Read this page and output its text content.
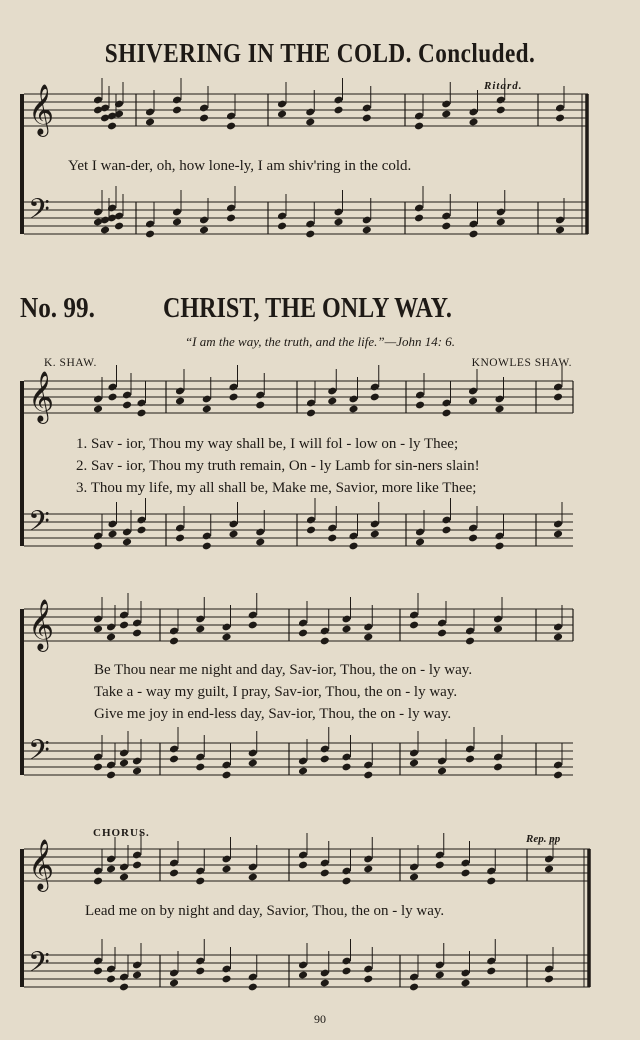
SHIVERING IN THE COLD. Concluded.
No. 99. CHRIST, THE ONLY WAY.
“I am the way, the truth, and the life.”—John 14: 6.
K. SHAW.	KNOWLES SHAW.
Ritard.
CHORUS.	Rep. pp
Yet I wan-der, oh, how lone-ly, I am shiv'ring in the cold.
1. Sav - ior, Thou my way shall be, I will fol - low on - ly Thee;
2. Sav - ior, Thou my truth remain, On - ly Lamb for sin-ners slain!
3. Thou my life, my all shall be, Make me, Savior, more like Thee;
Be Thou near me night and day, Sav-ior, Thou, the on - ly way.
Take a - way my guilt, I pray, Sav-ior, Thou, the on - ly way.
Give me joy in end-less day, Sav-ior, Thou, the on - ly way.
Lead me on by night and day, Savior, Thou, the on - ly way.
90
𝄞
𝄢
𝄞
𝄢
𝄞
𝄢
𝄞
𝄢
